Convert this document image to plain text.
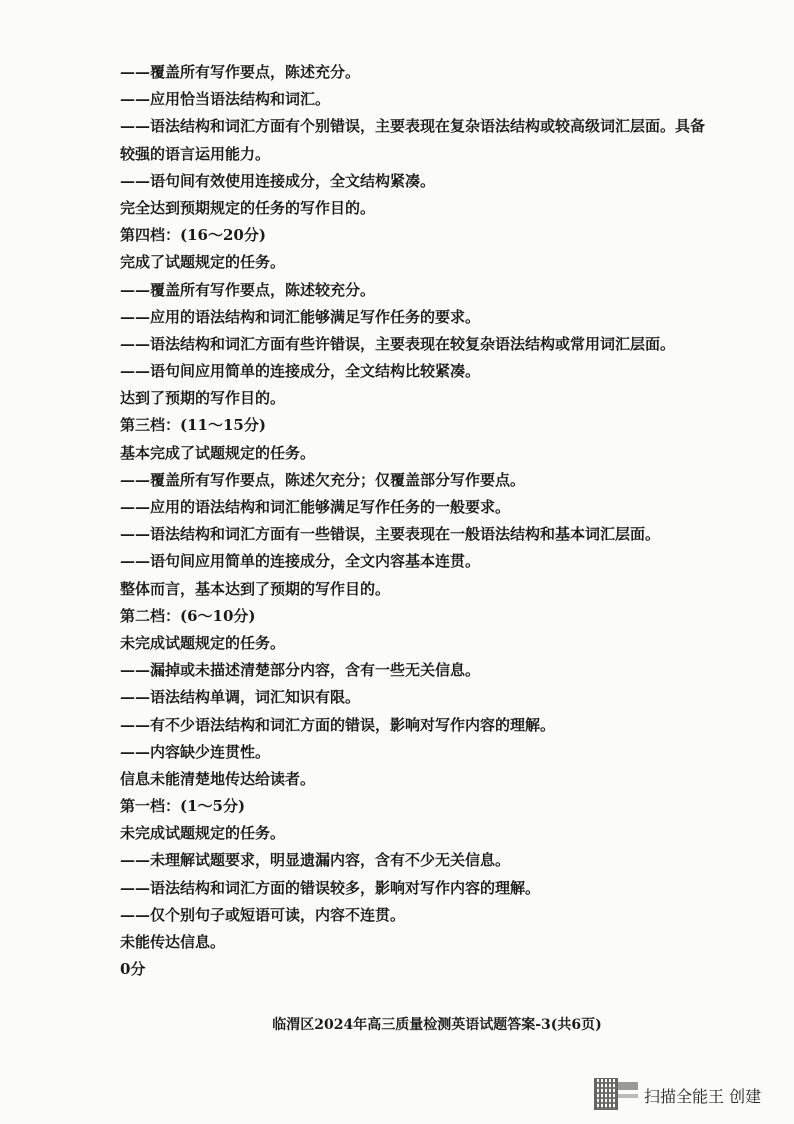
——覆盖所有写作要点，陈述充分。
——应用恰当语法结构和词汇。
——语法结构和词汇方面有个别错误，主要表现在复杂语法结构或较高级词汇层面。具备
较强的语言运用能力。
——语句间有效使用连接成分，全文结构紧凑。
完全达到预期规定的任务的写作目的。
第四档：(16～20分)
完成了试题规定的任务。
——覆盖所有写作要点，陈述较充分。
——应用的语法结构和词汇能够满足写作任务的要求。
——语法结构和词汇方面有些许错误，主要表现在较复杂语法结构或常用词汇层面。
——语句间应用简单的连接成分，全文结构比较紧凑。
达到了预期的写作目的。
第三档：(11～15分)
基本完成了试题规定的任务。
——覆盖所有写作要点，陈述欠充分；仅覆盖部分写作要点。
——应用的语法结构和词汇能够满足写作任务的一般要求。
——语法结构和词汇方面有一些错误，主要表现在一般语法结构和基本词汇层面。
——语句间应用简单的连接成分，全文内容基本连贯。
整体而言，基本达到了预期的写作目的。
第二档：(6～10分)
未完成试题规定的任务。
——漏掉或未描述清楚部分内容，含有一些无关信息。
——语法结构单调，词汇知识有限。
——有不少语法结构和词汇方面的错误，影响对写作内容的理解。
——内容缺少连贯性。
信息未能清楚地传达给读者。
第一档：(1～5分)
未完成试题规定的任务。
——未理解试题要求，明显遗漏内容，含有不少无关信息。
——语法结构和词汇方面的错误较多，影响对写作内容的理解。
——仅个别句子或短语可读，内容不连贯。
未能传达信息。
0分
临渭区2024年高三质量检测英语试题答案-3(共6页)
扫描全能王 创建
